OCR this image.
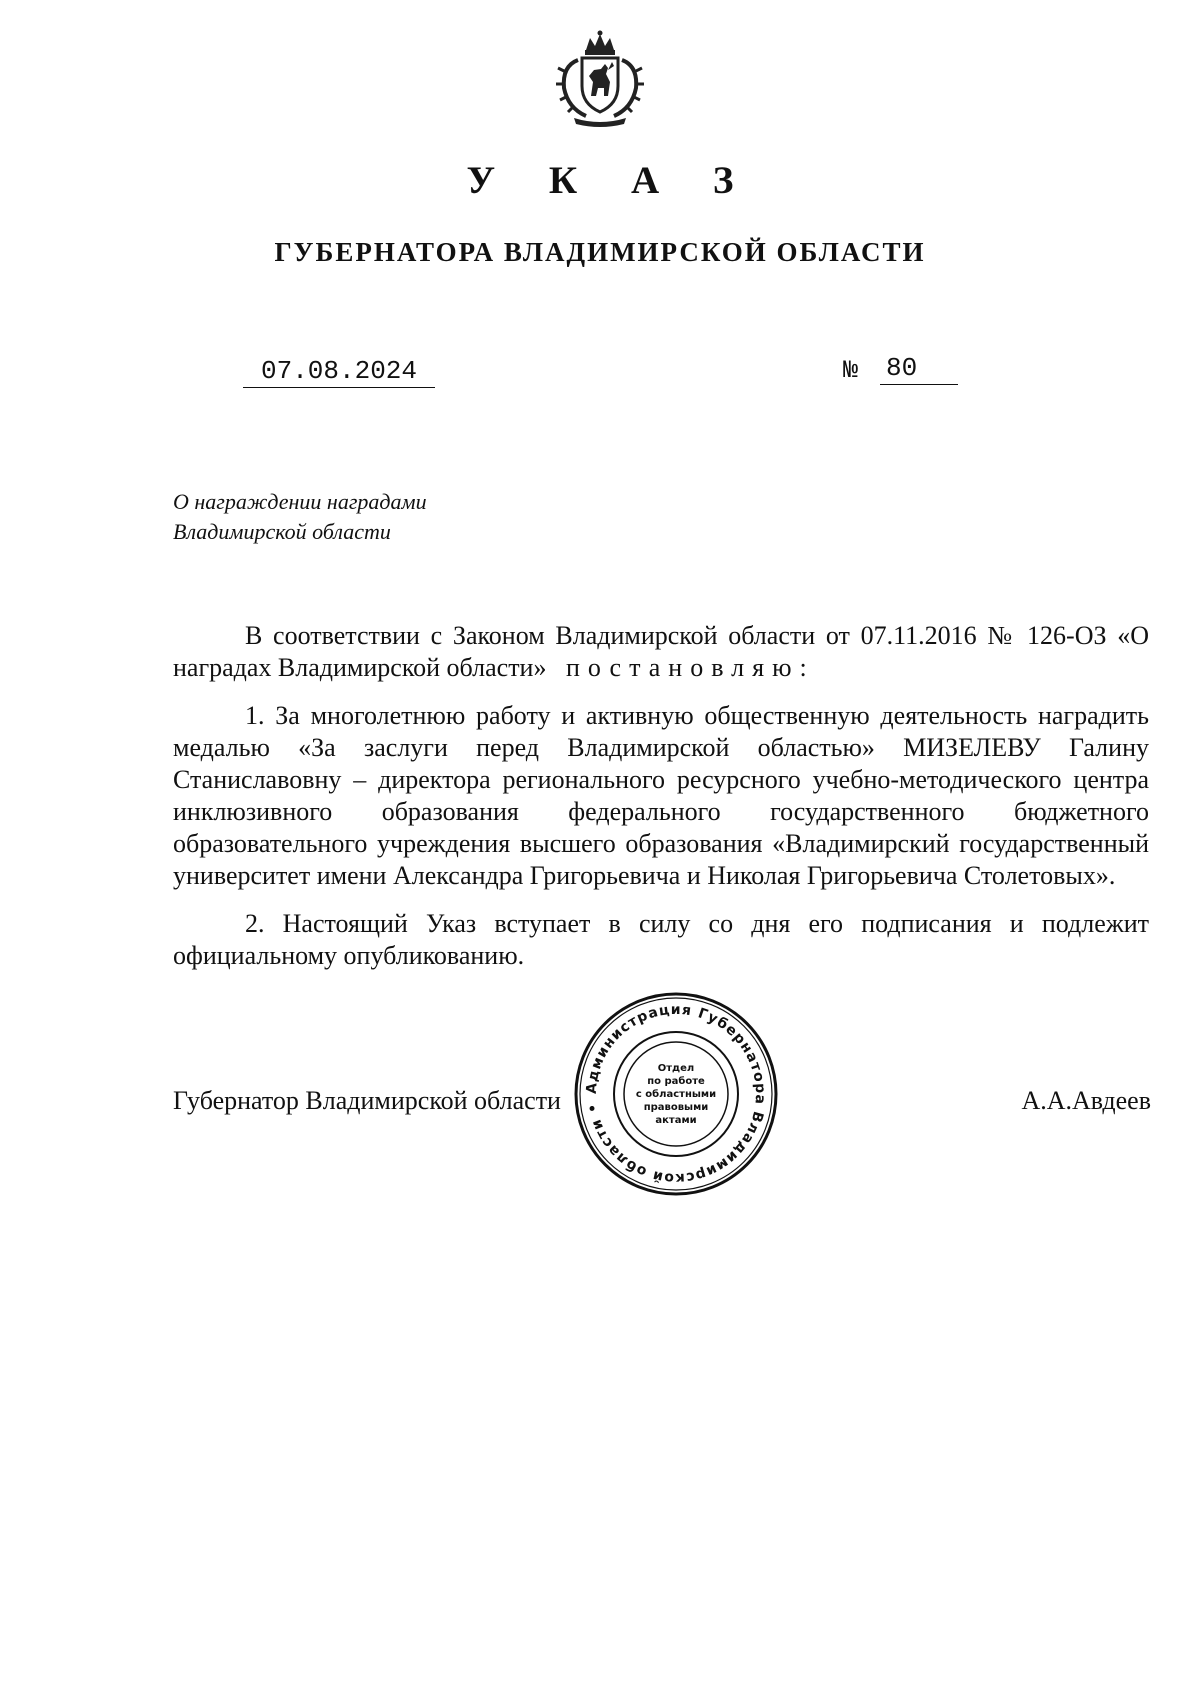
У К А З
ГУБЕРНАТОРА ВЛАДИМИРСКОЙ ОБЛАСТИ
07.08.2024	№ 80
О награждении наградами
Владимирской области

В соответствии с Законом Владимирской области от 07.11.2016 № 126-ОЗ «О наградах Владимирской области» постановляю:

1. За многолетнюю работу и активную общественную деятельность наградить медалью «За заслуги перед Владимирской областью» МИЗЕЛЕВУ Галину Станиславовну – директора регионального ресурсного учебно-методического центра инклюзивного образования федерального государственного бюджетного образовательного учреждения высшего образования «Владимирский государственный университет имени Александра Григорьевича и Николая Григорьевича Столетовых».

2. Настоящий Указ вступает в силу со дня его подписания и подлежит официальному опубликованию.

Губернатор Владимирской области	А.А.Авдеев
Администрация Губернатора Владимирской области •
Отдел
по работе
с областными
правовыми
актами
